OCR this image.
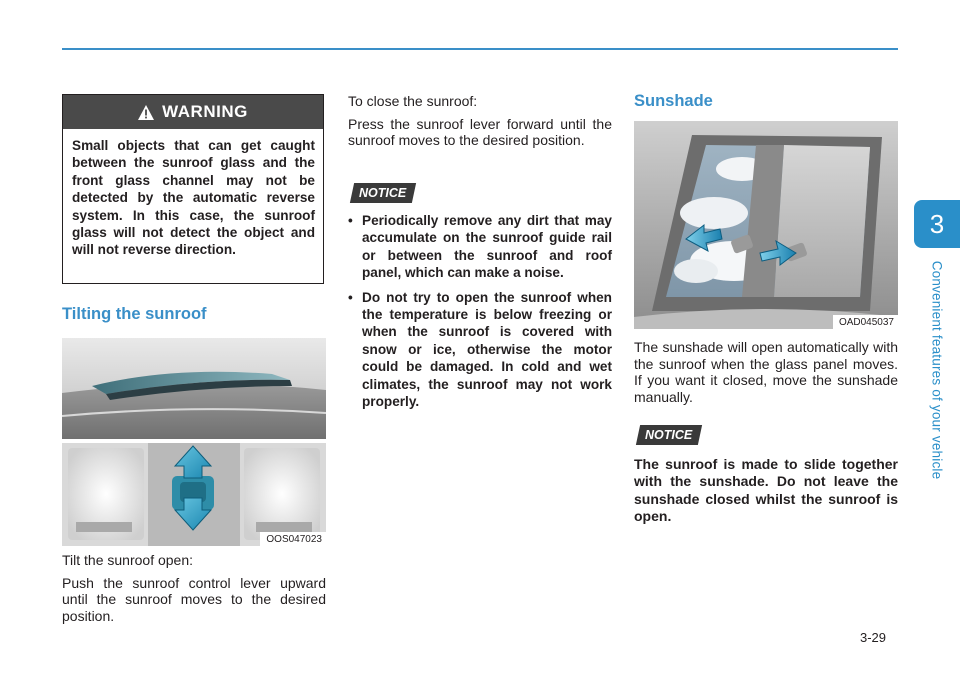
WARNING
Small objects that can get caught between the sunroof glass and the front glass channel may not be detected by the automatic reverse system. In this case, the sunroof glass will not detect the object and will not reverse direction.
Tilting the sunroof
OOS047023

Tilt the sunroof open:

Push the sunroof control lever upward until the sunroof moves to the desired position.

To close the sunroof:

Press the sunroof lever forward until the sunroof moves to the desired position.

NOTICE
• Periodically remove any dirt that may accumulate on the sunroof guide rail or between the sunroof and roof panel, which can make a noise.
• Do not try to open the sunroof when the temperature is below freezing or when the sunroof is covered with snow or ice, otherwise the motor could be damaged. In cold and wet climates, the sunroof may not work properly.
Sunshade
OAD045037
The sunshade will open automatically with the sunroof when the glass panel moves. If you want it closed, move the sunshade manually.
NOTICE
The sunroof is made to slide together with the sunshade. Do not leave the sunshade closed whilst the sunroof is open.
3
Convenient features of your vehicle
3-29
